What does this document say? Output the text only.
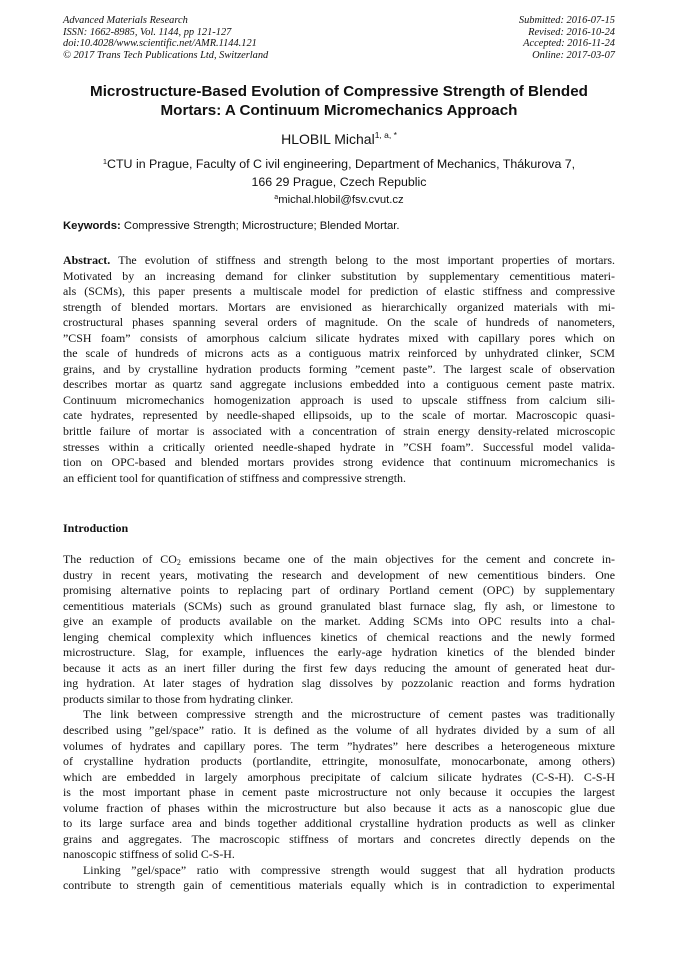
Advanced Materials Research
ISSN: 1662-8985, Vol. 1144, pp 121-127
doi:10.4028/www.scientific.net/AMR.1144.121
© 2017 Trans Tech Publications Ltd, Switzerland
Submitted: 2016-07-15
Revised: 2016-10-24
Accepted: 2016-11-24
Online: 2017-03-07
Microstructure-Based Evolution of Compressive Strength of Blended
Mortars: A Continuum Micromechanics Approach
HLOBIL Michal$^{1, a, *}$
$^1$CTU in Prague, Faculty of C ivil engineering, Department of Mechanics, Thákurova 7,
166 29 Prague, Czech Republic
$^a$michal.hlobil@fsv.cvut.cz
Keywords: Compressive Strength; Microstructure; Blended Mortar.
Abstract. The evolution of stiffness and strength belong to the most important properties of mortars.
Motivated by an increasing demand for clinker substitution by supplementary cementitious materi-
als (SCMs), this paper presents a multiscale model for prediction of elastic stiffness and compressive
strength of blended mortars. Mortars are envisioned as hierarchically organized materials with mi-
crostructural phases spanning several orders of magnitude. On the scale of hundreds of nanometers,
”CSH foam” consists of amorphous calcium silicate hydrates mixed with capillary pores which on
the scale of hundreds of microns acts as a contiguous matrix reinforced by unhydrated clinker, SCM
grains, and by crystalline hydration products forming ”cement paste”. The largest scale of observation
describes mortar as quartz sand aggregate inclusions embedded into a contiguous cement paste matrix.
Continuum micromechanics homogenization approach is used to upscale stiffness from calcium sili-
cate hydrates, represented by needle-shaped ellipsoids, up to the scale of mortar. Macroscopic quasi-
brittle failure of mortar is associated with a concentration of strain energy density-related microscopic
stresses within a critically oriented needle-shaped hydrate in ”CSH foam”. Successful model valida-
tion on OPC-based and blended mortars provides strong evidence that continuum micromechanics is
an efficient tool for quantification of stiffness and compressive strength.
Introduction
The reduction of $CO_2$ emissions became one of the main objectives for the cement and concrete in-
dustry in recent years, motivating the research and development of new cementitious binders. One
promising alternative points to replacing part of ordinary Portland cement (OPC) by supplementary
cementitious materials (SCMs) such as ground granulated blast furnace slag, fly ash, or limestone to
give an example of products available on the market. Adding SCMs into OPC results into a chal-
lenging chemical complexity which influences kinetics of chemical reactions and the newly formed
microstructure. Slag, for example, influences the early-age hydration kinetics of the blended binder
because it acts as an inert filler during the first few days reducing the amount of generated heat dur-
ing hydration. At later stages of hydration slag dissolves by pozzolanic reaction and forms hydration
products similar to those from hydrating clinker.
The link between compressive strength and the microstructure of cement pastes was traditionally
described using ”gel/space” ratio. It is defined as the volume of all hydrates divided by a sum of all
volumes of hydrates and capillary pores. The term ”hydrates” here describes a heterogeneous mixture
of crystalline hydration products (portlandite, ettringite, monosulfate, monocarbonate, among others)
which are embedded in largely amorphous precipitate of calcium silicate hydrates (C-S-H). C-S-H
is the most important phase in cement paste microstructure not only because it occupies the largest
volume fraction of phases within the microstructure but also because it acts as a nanoscopic glue due
to its large surface area and binds together additional crystalline hydration products as well as clinker
grains and aggregates. The macroscopic stiffness of mortars and concretes directly depends on the
nanoscopic stiffness of solid C-S-H.
Linking ”gel/space” ratio with compressive strength would suggest that all hydration products
contribute to strength gain of cementitious materials equally which is in contradiction to experimental
